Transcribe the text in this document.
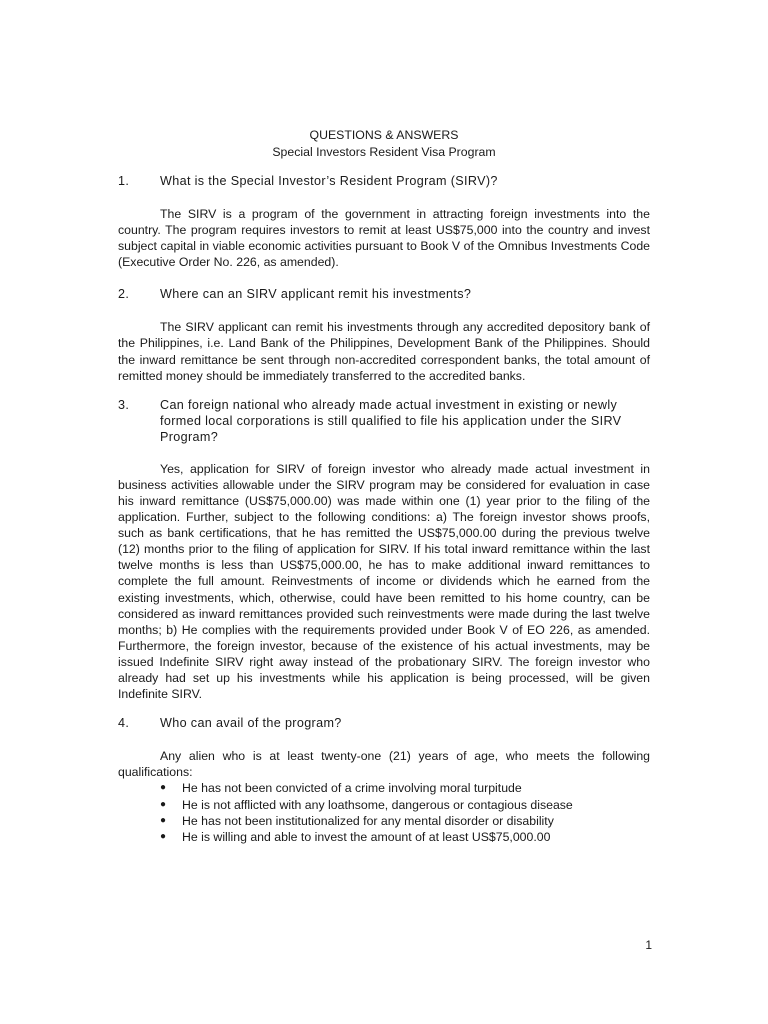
QUESTIONS & ANSWERS
Special Investors Resident Visa Program
1.	What is the Special Investor’s Resident Program (SIRV)?

The SIRV is a program of the government in attracting foreign investments into the country. The program requires investors to remit at least US$75,000 into the country and invest subject capital in viable economic activities pursuant to Book V of the Omnibus Investments Code (Executive Order No. 226, as amended).

2.	Where can an SIRV applicant remit his investments?

The SIRV applicant can remit his investments through any accredited depository bank of the Philippines, i.e. Land Bank of the Philippines, Development Bank of the Philippines. Should the inward remittance be sent through non-accredited correspondent banks, the total amount of remitted money should be immediately transferred to the accredited banks.

3.	Can foreign national who already made actual investment in existing or newly formed local corporations is still qualified to file his application under the SIRV Program?

Yes, application for SIRV of foreign investor who already made actual investment in business activities allowable under the SIRV program may be considered for evaluation in case his inward remittance (US$75,000.00) was made within one (1) year prior to the filing of the application. Further, subject to the following conditions: a) The foreign investor shows proofs, such as bank certifications, that he has remitted the US$75,000.00 during the previous twelve (12) months prior to the filing of application for SIRV. If his total inward remittance within the last twelve months is less than US$75,000.00, he has to make additional inward remittances to complete the full amount. Reinvestments of income or dividends which he earned from the existing investments, which, otherwise, could have been remitted to his home country, can be considered as inward remittances provided such reinvestments were made during the last twelve months; b) He complies with the requirements provided under Book V of EO 226, as amended. Furthermore, the foreign investor, because of the existence of his actual investments, may be issued Indefinite SIRV right away instead of the probationary SIRV. The foreign investor who already had set up his investments while his application is being processed, will be given Indefinite SIRV.

4.	Who can avail of the program?

Any alien who is at least twenty-one (21) years of age, who meets the following qualifications:

●	He has not been convicted of a crime involving moral turpitude
●	He is not afflicted with any loathsome, dangerous or contagious disease
●	He has not been institutionalized for any mental disorder or disability
●	He is willing and able to invest the amount of at least US$75,000.00
1
